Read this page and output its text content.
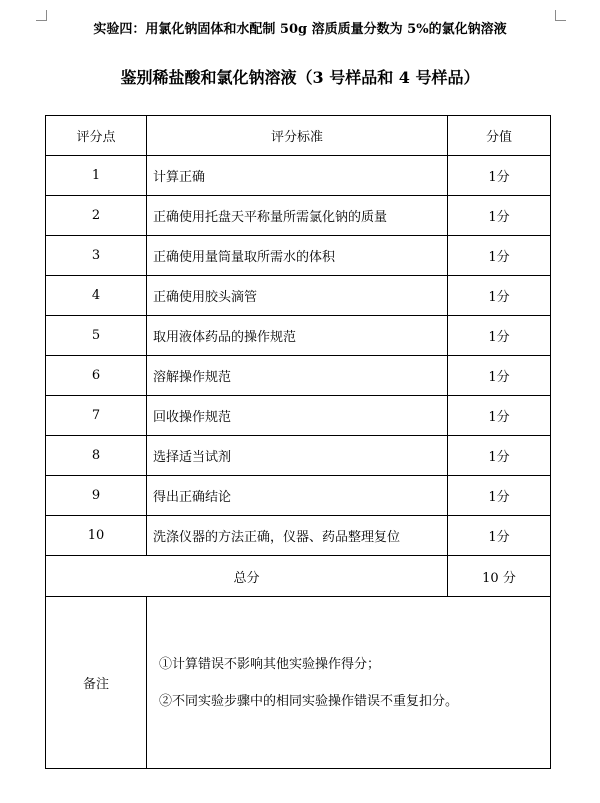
实验四：用氯化钠固体和水配制 50g 溶质质量分数为 5%的氯化钠溶液
鉴别稀盐酸和氯化钠溶液（3 号样品和 4 号样品）
评分点	评分标准	分值
1	计算正确	1分
2	正确使用托盘天平称量所需氯化钠的质量	1分
3	正确使用量筒量取所需水的体积	1分
4	正确使用胶头滴管	1分
5	取用液体药品的操作规范	1分
6	溶解操作规范	1分
7	回收操作规范	1分
8	选择适当试剂	1分
9	得出正确结论	1分
10	洗涤仪器的方法正确，仪器、药品整理复位	1分
总分		10 分
备注	①计算错误不影响其他实验操作得分；
②不同实验步骤中的相同实验操作错误不重复扣分。	
